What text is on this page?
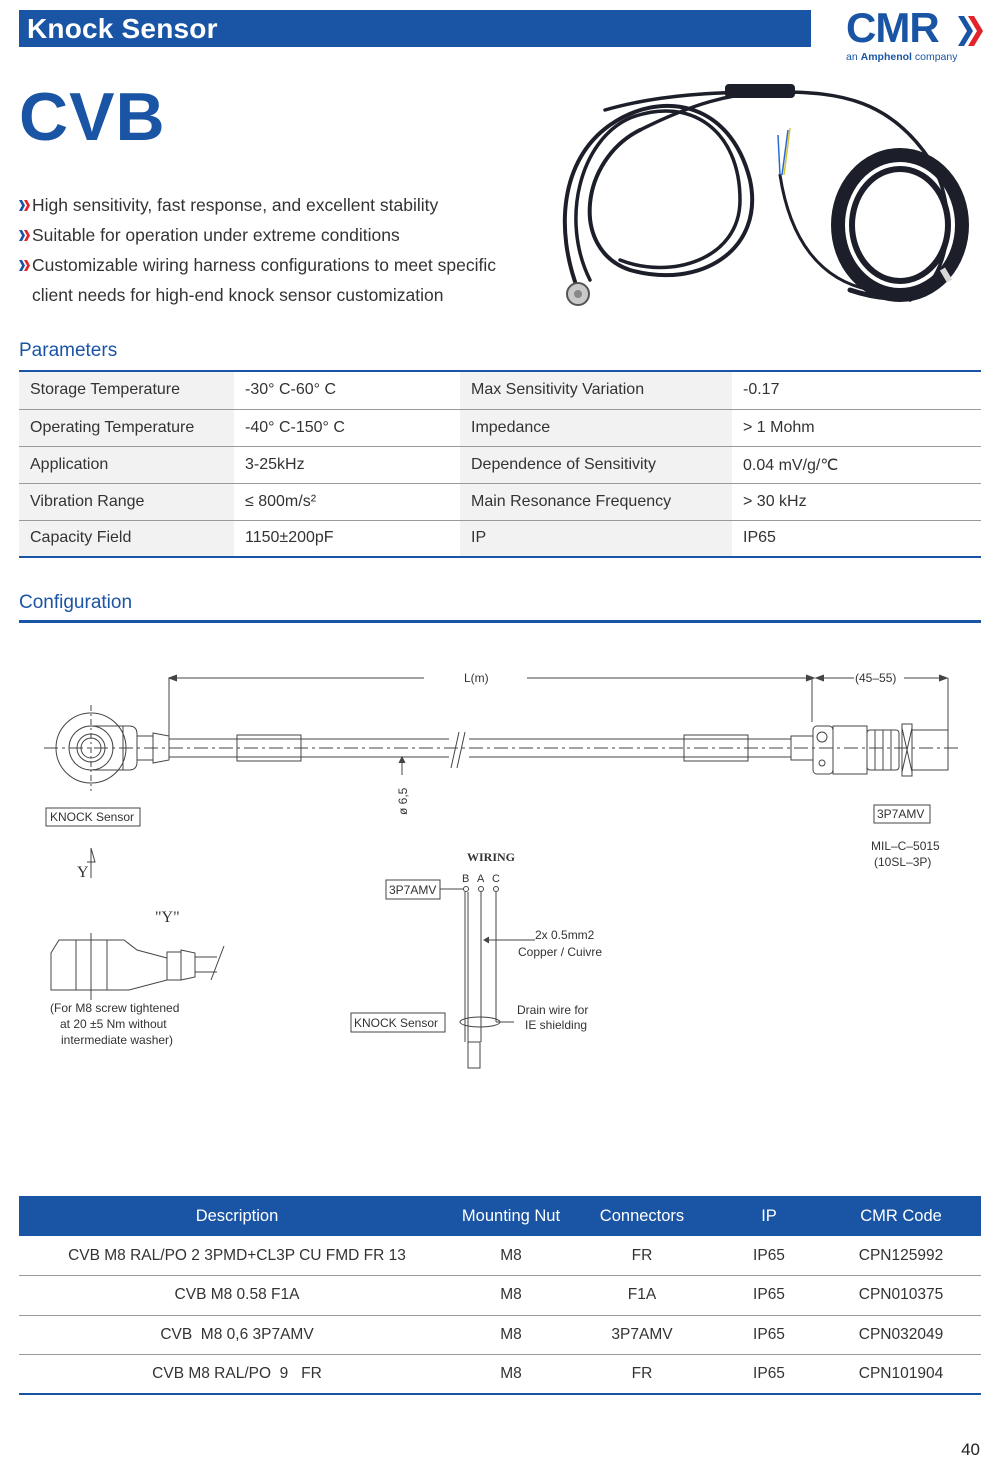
Knock Sensor	CMR
an Amphenol company
CVB
High sensitivity, fast response, and excellent stability
Suitable for operation under extreme conditions
Customizable wiring harness configurations to meet specific
client needs for high-end knock sensor customization
Parameters
Storage Temperature	-30° C-60° C	Max Sensitivity Variation	-0.17
Operating Temperature	-40° C-150° C	Impedance	> 1 Mohm
Application	3-25kHz	Dependence of Sensitivity	0.04 mV/g/℃
Vibration Range	≤ 800m/s²	Main Resonance Frequency	> 30 kHz
Capacity Field	1150±200pF	IP	IP65
Configuration
L(m)	(45–55)
ø 6,5
KNOCK Sensor	3P7AMV
MIL–C–5015
(10SL–3P)
Y
"Y"
(For M8 screw tightened
at 20 ±5 Nm without
intermediate washer)
WIRING
B A C
3P7AMV
KNOCK Sensor
2x 0.5mm2
Copper / Cuivre
Drain wire for
IE shielding
Description	Mounting Nut	Connectors	IP	CMR Code
CVB M8 RAL/PO 2 3PMD+CL3P CU FMD FR 13	M8	FR	IP65	CPN125992
CVB M8 0.58 F1A	M8	F1A	IP65	CPN010375
CVB  M8 0,6 3P7AMV	M8	3P7AMV	IP65	CPN032049
CVB M8 RAL/PO  9   FR	M8	FR	IP65	CPN101904
40
